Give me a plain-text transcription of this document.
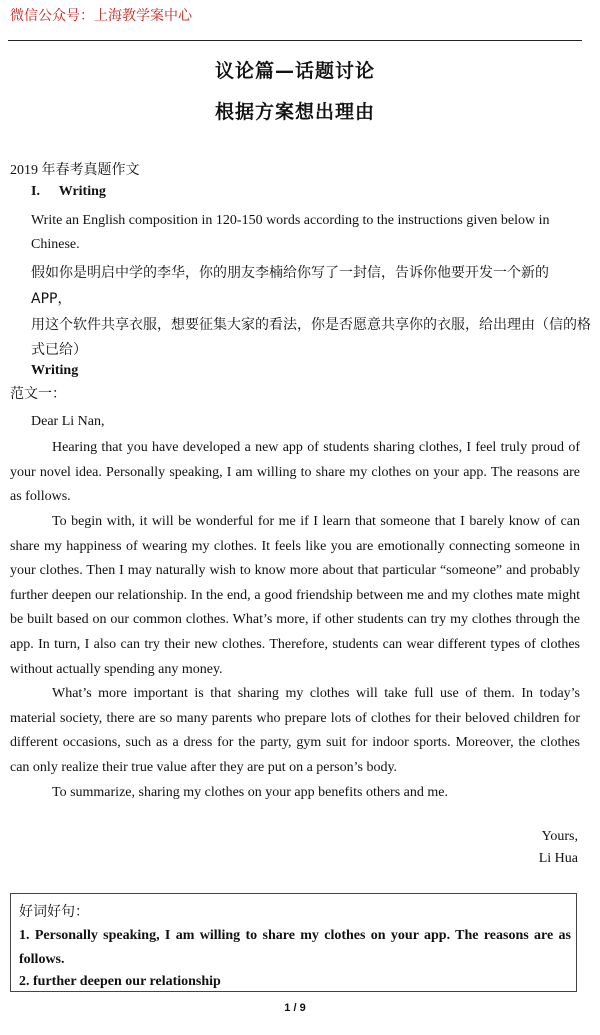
微信公众号：上海教学案中心
议论篇—话题讨论
根据方案想出理由
2019 年春考真题作文
I. Writing
Write an English composition in 120-150 words according to the instructions given below in
Chinese.
假如你是明启中学的李华，你的朋友李楠给你写了一封信，告诉你他要开发一个新的
APP，
用这个软件共享衣服，想要征集大家的看法，你是否愿意共享你的衣服，给出理由（信的格
式已给）
Writing
范文一：
Dear Li Nan,
Hearing that you have developed a new app of students sharing clothes, I feel truly proud of your novel idea. Personally speaking, I am willing to share my clothes on your app. The reasons are as follows.
To begin with, it will be wonderful for me if I learn that someone that I barely know of can share my happiness of wearing my clothes. It feels like you are emotionally connecting someone in your clothes. Then I may naturally wish to know more about that particular “someone” and probably further deepen our relationship. In the end, a good friendship between me and my clothes mate might be built based on our common clothes. What’s more, if other students can try my clothes through the app. In turn, I also can try their new clothes. Therefore, students can wear different types of clothes without actually spending any money.
What’s more important is that sharing my clothes will take full use of them. In today’s material society, there are so many parents who prepare lots of clothes for their beloved children for different occasions, such as a dress for the party, gym suit for indoor sports. Moreover, the clothes can only realize their true value after they are put on a person’s body.
To summarize, sharing my clothes on your app benefits others and me.
Yours,
Li Hua
好词好句：
1. Personally speaking, I am willing to share my clothes on your app. The reasons are as follows.
2. further deepen our relationship
1 / 9
